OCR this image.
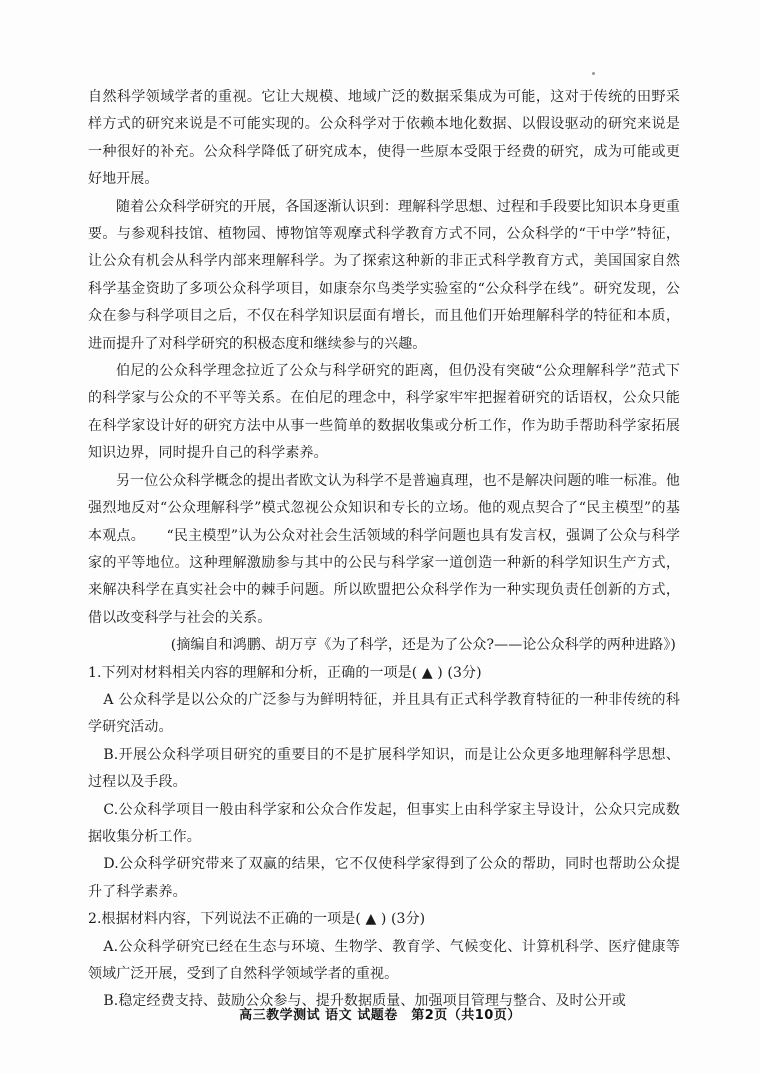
自然科学领域学者的重视。它让大规模、地域广泛的数据采集成为可能，这对于传统的田野采样方式的研究来说是不可能实现的。公众科学对于依赖本地化数据、以假设驱动的研究来说是一种很好的补充。公众科学降低了研究成本，使得一些原本受限于经费的研究，成为可能或更好地开展。

随着公众科学研究的开展，各国逐渐认识到：理解科学思想、过程和手段要比知识本身更重要。与参观科技馆、植物园、博物馆等观摩式科学教育方式不同，公众科学的“干中学”特征，让公众有机会从科学内部来理解科学。为了探索这种新的非正式科学教育方式，美国国家自然科学基金资助了多项公众科学项目，如康奈尔鸟类学实验室的“公众科学在线”。研究发现，公众在参与科学项目之后，不仅在科学知识层面有增长，而且他们开始理解科学的特征和本质，进而提升了对科学研究的积极态度和继续参与的兴趣。

伯尼的公众科学理念拉近了公众与科学研究的距离，但仍没有突破“公众理解科学”范式下的科学家与公众的不平等关系。在伯尼的理念中，科学家牢牢把握着研究的话语权，公众只能在科学家设计好的研究方法中从事一些简单的数据收集或分析工作，作为助手帮助科学家拓展知识边界，同时提升自己的科学素养。

另一位公众科学概念的提出者欧文认为科学不是普遍真理，也不是解决问题的唯一标准。他强烈地反对“公众理解科学”模式忽视公众知识和专长的立场。他的观点契合了“民主模型”的基本观点。　　“民主模型”认为公众对社会生活领域的科学问题也具有发言权，强调了公众与科学家的平等地位。这种理解激励参与其中的公民与科学家一道创造一种新的科学知识生产方式，来解决科学在真实社会中的棘手问题。所以欧盟把公众科学作为一种实现负责任创新的方式，借以改变科学与社会的关系。

(摘编自和鸿鹏、胡万亨《为了科学，还是为了公众?——论公众科学的两种进路》)

1.下列对材料相关内容的理解和分析，正确的一项是( ▲ ) (3分)

A 公众科学是以公众的广泛参与为鲜明特征，并且具有正式科学教育特征的一种非传统的科学研究活动。

B.开展公众科学项目研究的重要目的不是扩展科学知识，而是让公众更多地理解科学思想、过程以及手段。

C.公众科学项目一般由科学家和公众合作发起，但事实上由科学家主导设计，公众只完成数据收集分析工作。

D.公众科学研究带来了双赢的结果，它不仅使科学家得到了公众的帮助，同时也帮助公众提升了科学素养。

2.根据材料内容，下列说法不正确的一项是( ▲ ) (3分)

A.公众科学研究已经在生态与环境、生物学、教育学、气候变化、计算机科学、医疗健康等领域广泛开展，受到了自然科学领域学者的重视。

B.稳定经费支持、鼓励公众参与、提升数据质量、加强项目管理与整合、及时公开或

高三教学测试 语文 试题卷　第2页（共10页）
